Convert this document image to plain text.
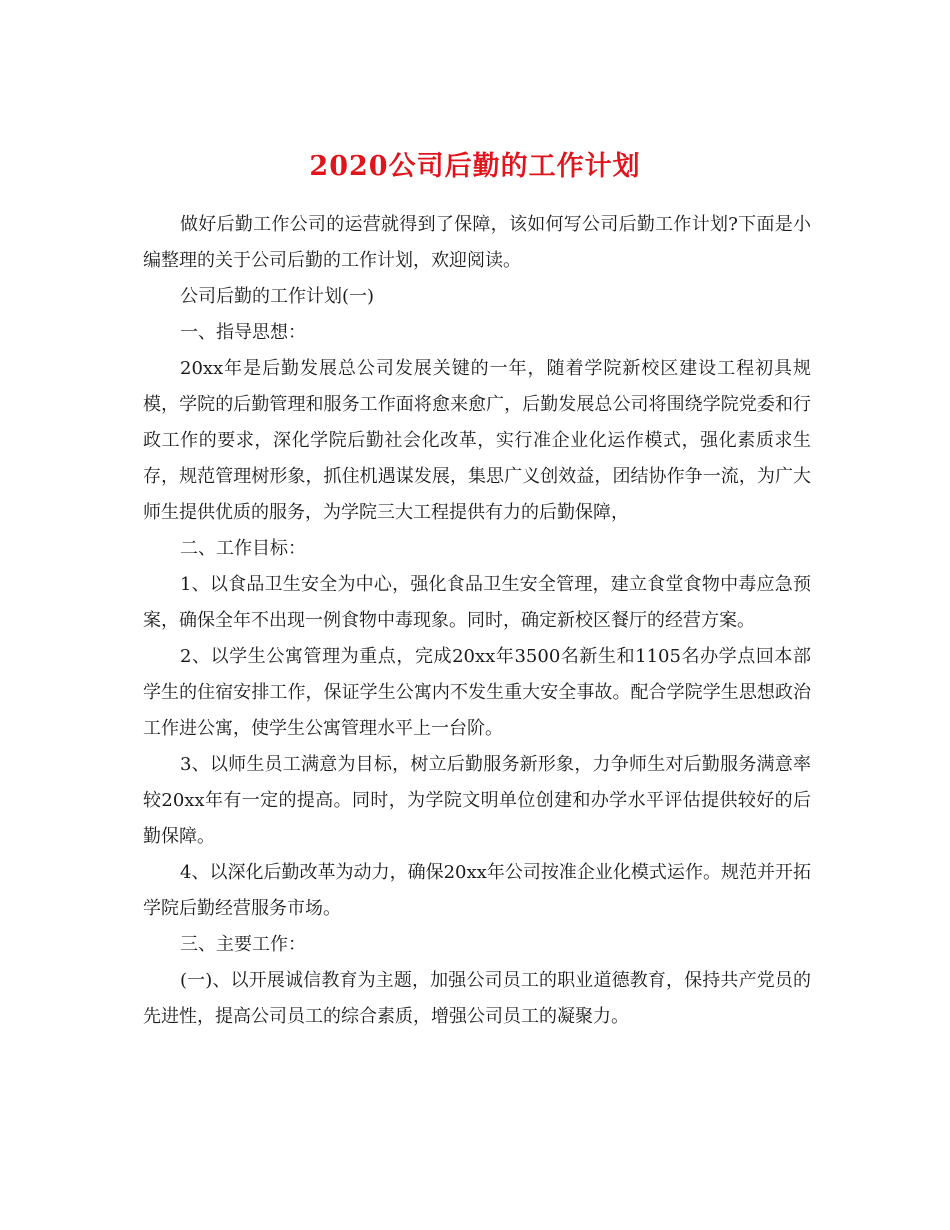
2020公司后勤的工作计划

做好后勤工作公司的运营就得到了保障，该如何写公司后勤工作计划?下面是小编整理的关于公司后勤的工作计划，欢迎阅读。

公司后勤的工作计划(一)

一、指导思想：

20xx年是后勤发展总公司发展关键的一年，随着学院新校区建设工程初具规模，学院的后勤管理和服务工作面将愈来愈广，后勤发展总公司将围绕学院党委和行政工作的要求，深化学院后勤社会化改革，实行准企业化运作模式，强化素质求生存，规范管理树形象，抓住机遇谋发展，集思广义创效益，团结协作争一流，为广大师生提供优质的服务，为学院三大工程提供有力的后勤保障，

二、工作目标：

1、以食品卫生安全为中心，强化食品卫生安全管理，建立食堂食物中毒应急预案，确保全年不出现一例食物中毒现象。同时，确定新校区餐厅的经营方案。

2、以学生公寓管理为重点，完成20xx年3500名新生和1105名办学点回本部学生的住宿安排工作，保证学生公寓内不发生重大安全事故。配合学院学生思想政治工作进公寓，使学生公寓管理水平上一台阶。

3、以师生员工满意为目标，树立后勤服务新形象，力争师生对后勤服务满意率较20xx年有一定的提高。同时，为学院文明单位创建和办学水平评估提供较好的后勤保障。

4、以深化后勤改革为动力，确保20xx年公司按准企业化模式运作。规范并开拓学院后勤经营服务市场。

三、主要工作：

(一)、以开展诚信教育为主题，加强公司员工的职业道德教育，保持共产党员的先进性，提高公司员工的综合素质，增强公司员工的凝聚力。
